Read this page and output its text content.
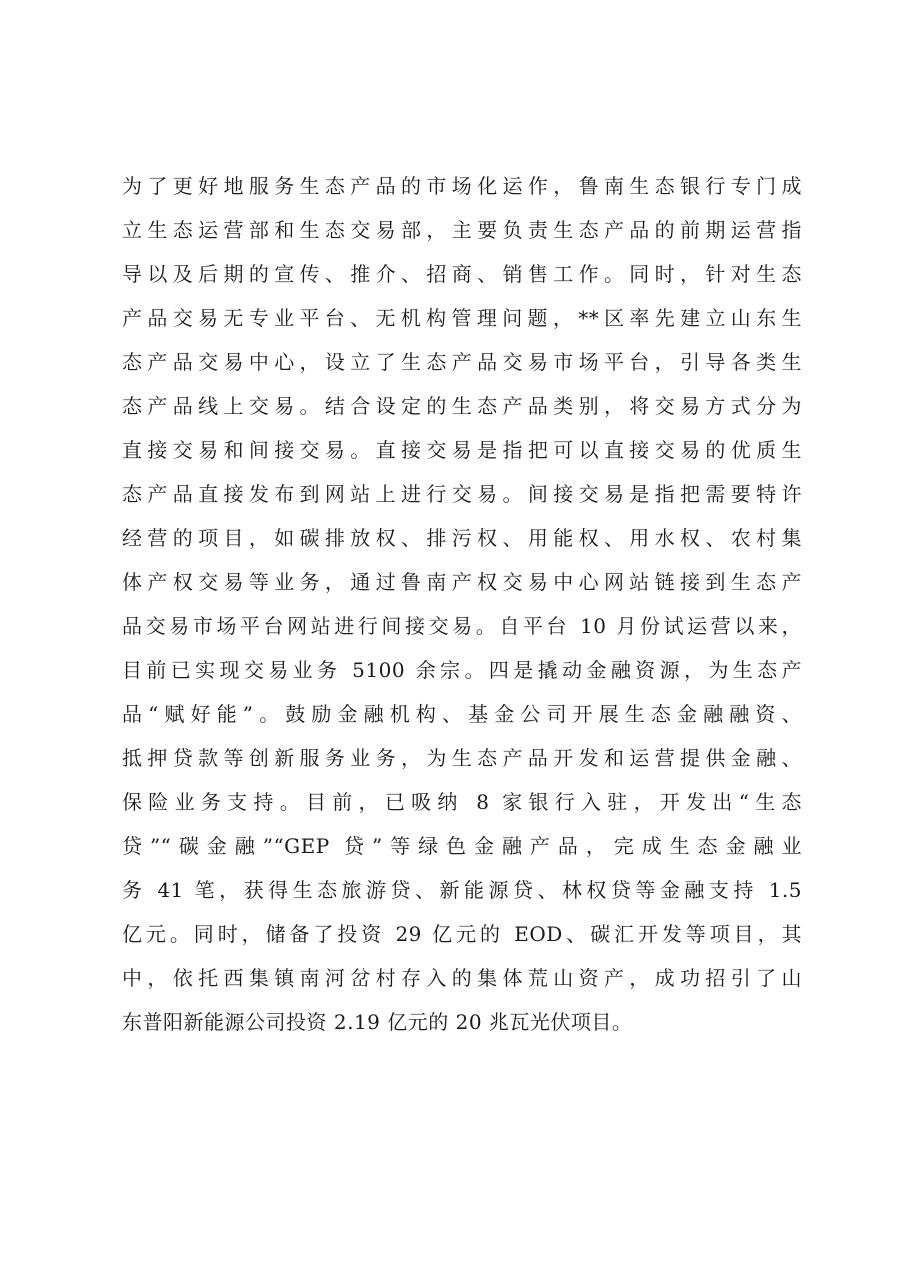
为了更好地服务生态产品的市场化运作，鲁南生态银行专门成
立生态运营部和生态交易部，主要负责生态产品的前期运营指
导以及后期的宣传、推介、招商、销售工作。同时，针对生态
产品交易无专业平台、无机构管理问题，**区率先建立山东生
态产品交易中心，设立了生态产品交易市场平台，引导各类生
态产品线上交易。结合设定的生态产品类别，将交易方式分为
直接交易和间接交易。直接交易是指把可以直接交易的优质生
态产品直接发布到网站上进行交易。间接交易是指把需要特许
经营的项目，如碳排放权、排污权、用能权、用水权、农村集
体产权交易等业务，通过鲁南产权交易中心网站链接到生态产
品交易市场平台网站进行间接交易。自平台 10 月份试运营以来，
目前已实现交易业务 5100 余宗。四是撬动金融资源，为生态产
品“赋好能”。鼓励金融机构、基金公司开展生态金融融资、
抵押贷款等创新服务业务，为生态产品开发和运营提供金融、
保险业务支持。目前，已吸纳 8 家银行入驻，开发出“生态
贷”“碳金融”“GEP 贷”等绿色金融产品，完成生态金融业
务 41 笔，获得生态旅游贷、新能源贷、林权贷等金融支持 1.5
亿元。同时，储备了投资 29 亿元的 EOD、碳汇开发等项目，其
中，依托西集镇南河岔村存入的集体荒山资产，成功招引了山
东普阳新能源公司投资 2.19 亿元的 20 兆瓦光伏项目。
